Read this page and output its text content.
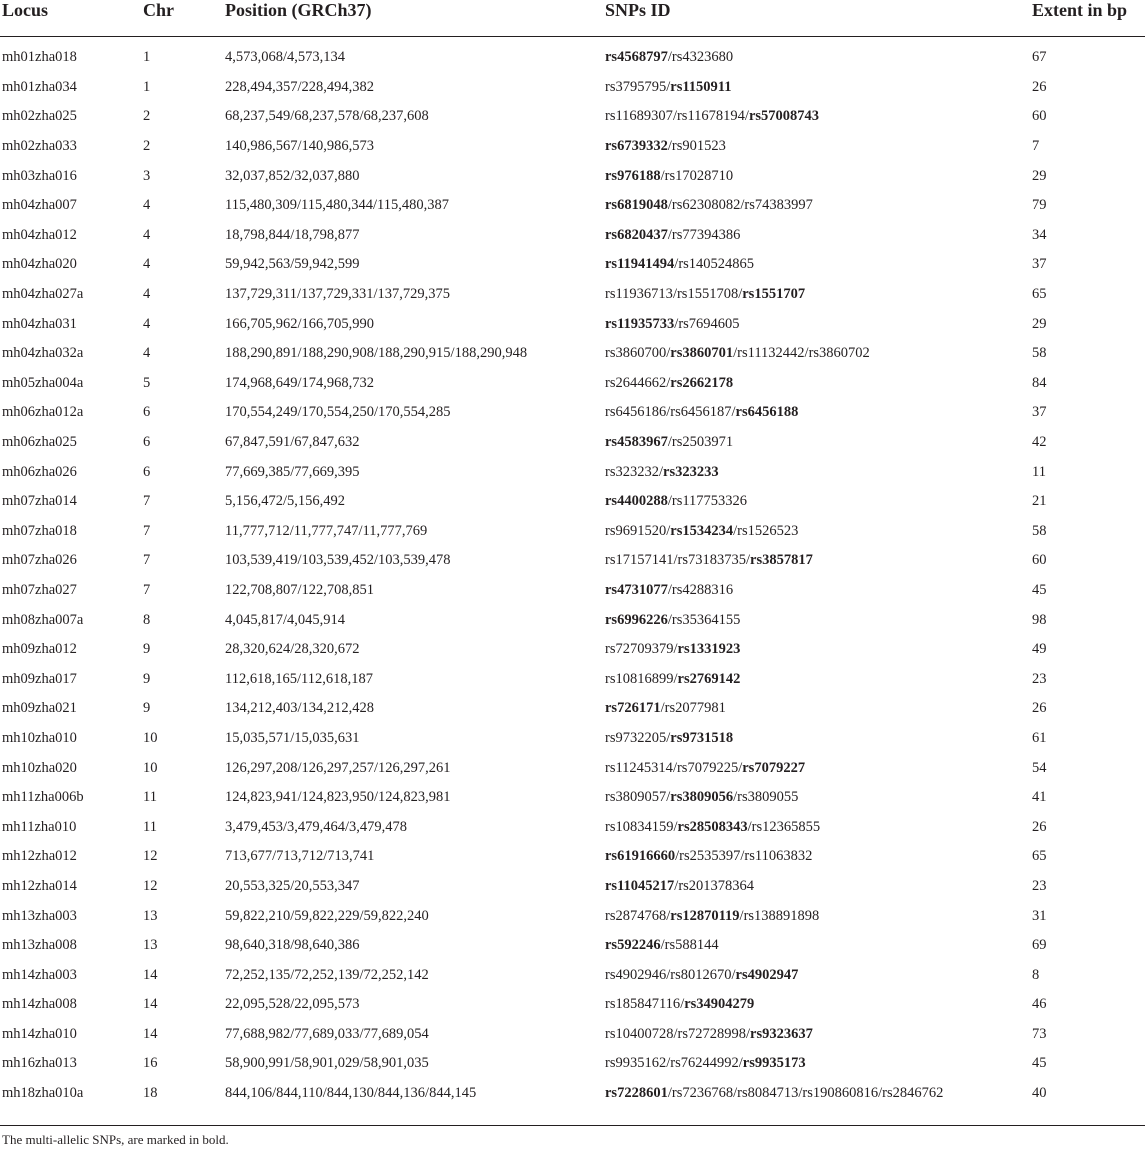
Locus	Chr	Position (GRCh37)	SNPs ID	Extent in bp

mh01zha018	1	4,573,068/4,573,134	rs4568797/rs4323680	67
mh01zha034	1	228,494,357/228,494,382	rs3795795/rs1150911	26
mh02zha025	2	68,237,549/68,237,578/68,237,608	rs11689307/rs11678194/rs57008743	60
mh02zha033	2	140,986,567/140,986,573	rs6739332/rs901523	7
mh03zha016	3	32,037,852/32,037,880	rs976188/rs17028710	29
mh04zha007	4	115,480,309/115,480,344/115,480,387	rs6819048/rs62308082/rs74383997	79
mh04zha012	4	18,798,844/18,798,877	rs6820437/rs77394386	34
mh04zha020	4	59,942,563/59,942,599	rs11941494/rs140524865	37
mh04zha027a	4	137,729,311/137,729,331/137,729,375	rs11936713/rs1551708/rs1551707	65
mh04zha031	4	166,705,962/166,705,990	rs11935733/rs7694605	29
mh04zha032a	4	188,290,891/188,290,908/188,290,915/188,290,948	rs3860700/rs3860701/rs11132442/rs3860702	58
mh05zha004a	5	174,968,649/174,968,732	rs2644662/rs2662178	84
mh06zha012a	6	170,554,249/170,554,250/170,554,285	rs6456186/rs6456187/rs6456188	37
mh06zha025	6	67,847,591/67,847,632	rs4583967/rs2503971	42
mh06zha026	6	77,669,385/77,669,395	rs323232/rs323233	11
mh07zha014	7	5,156,472/5,156,492	rs4400288/rs117753326	21
mh07zha018	7	11,777,712/11,777,747/11,777,769	rs9691520/rs1534234/rs1526523	58
mh07zha026	7	103,539,419/103,539,452/103,539,478	rs17157141/rs73183735/rs3857817	60
mh07zha027	7	122,708,807/122,708,851	rs4731077/rs4288316	45
mh08zha007a	8	4,045,817/4,045,914	rs6996226/rs35364155	98
mh09zha012	9	28,320,624/28,320,672	rs72709379/rs1331923	49
mh09zha017	9	112,618,165/112,618,187	rs10816899/rs2769142	23
mh09zha021	9	134,212,403/134,212,428	rs726171/rs2077981	26
mh10zha010	10	15,035,571/15,035,631	rs9732205/rs9731518	61
mh10zha020	10	126,297,208/126,297,257/126,297,261	rs11245314/rs7079225/rs7079227	54
mh11zha006b	11	124,823,941/124,823,950/124,823,981	rs3809057/rs3809056/rs3809055	41
mh11zha010	11	3,479,453/3,479,464/3,479,478	rs10834159/rs28508343/rs12365855	26
mh12zha012	12	713,677/713,712/713,741	rs61916660/rs2535397/rs11063832	65
mh12zha014	12	20,553,325/20,553,347	rs11045217/rs201378364	23
mh13zha003	13	59,822,210/59,822,229/59,822,240	rs2874768/rs12870119/rs138891898	31
mh13zha008	13	98,640,318/98,640,386	rs592246/rs588144	69
mh14zha003	14	72,252,135/72,252,139/72,252,142	rs4902946/rs8012670/rs4902947	8
mh14zha008	14	22,095,528/22,095,573	rs185847116/rs34904279	46
mh14zha010	14	77,688,982/77,689,033/77,689,054	rs10400728/rs72728998/rs9323637	73
mh16zha013	16	58,900,991/58,901,029/58,901,035	rs9935162/rs76244992/rs9935173	45
mh18zha010a	18	844,106/844,110/844,130/844,136/844,145	rs7228601/rs7236768/rs8084713/rs190860816/rs2846762	40
The multi-allelic SNPs, are marked in bold.
